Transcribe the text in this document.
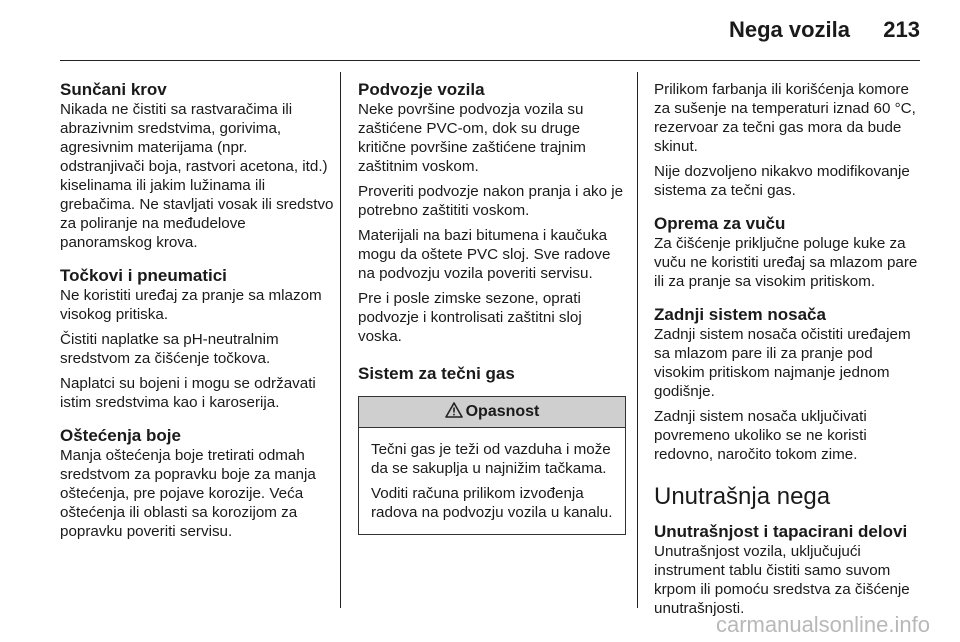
Nega vozila	213
Sunčani krov

Nikada ne čistiti sa rastvaračima ili abrazivnim sredstvima, gorivima, agresivnim materijama (npr. odstranjivači boja, rastvori acetona, itd.) kiselinama ili jakim lužinama ili grebačima. Ne stavljati vosak ili sredstvo za poliranje na međudelove panoramskog krova.

Točkovi i pneumatici

Ne koristiti uređaj za pranje sa mlazom visokog pritiska.

Čistiti naplatke sa pH-neutralnim sredstvom za čišćenje točkova.

Naplatci su bojeni i mogu se održavati istim sredstvima kao i karoserija.

Oštećenja boje

Manja oštećenja boje tretirati odmah sredstvom za popravku boje za manja oštećenja, pre pojave korozije. Veća oštećenja ili oblasti sa korozijom za popravku poveriti servisu.

Podvozje vozila

Neke površine podvozja vozila su zaštićene PVC-om, dok su druge kritične površine zaštićene trajnim zaštitnim voskom.

Proveriti podvozje nakon pranja i ako je potrebno zaštititi voskom.

Materijali na bazi bitumena i kaučuka mogu da oštete PVC sloj. Sve radove na podvozju vozila poveriti servisu.

Pre i posle zimske sezone, oprati podvozje i kontrolisati zaštitni sloj voska.

Sistem za tečni gas
Opasnost

Tečni gas je teži od vazduha i može da se sakuplja u najnižim tačkama.

Voditi računa prilikom izvođenja radova na podvozju vozila u kanalu.

Prilikom farbanja ili korišćenja komore za sušenje na temperaturi iznad 60 °C, rezervoar za tečni gas mora da bude skinut.

Nije dozvoljeno nikakvo modifikovanje sistema za tečni gas.

Oprema za vuču

Za čišćenje priključne poluge kuke za vuču ne koristiti uređaj sa mlazom pare ili za pranje sa visokim pritiskom.

Zadnji sistem nosača

Zadnji sistem nosača očistiti uređajem sa mlazom pare ili za pranje pod visokim pritiskom najmanje jednom godišnje.

Zadnji sistem nosača uključivati povremeno ukoliko se ne koristi redovno, naročito tokom zime.

Unutrašnja nega
Unutrašnjost i tapacirani delovi

Unutrašnjost vozila, uključujući instrument tablu čistiti samo suvom krpom ili pomoću sredstva za čišćenje unutrašnjosti.

carmanualsonline.info
